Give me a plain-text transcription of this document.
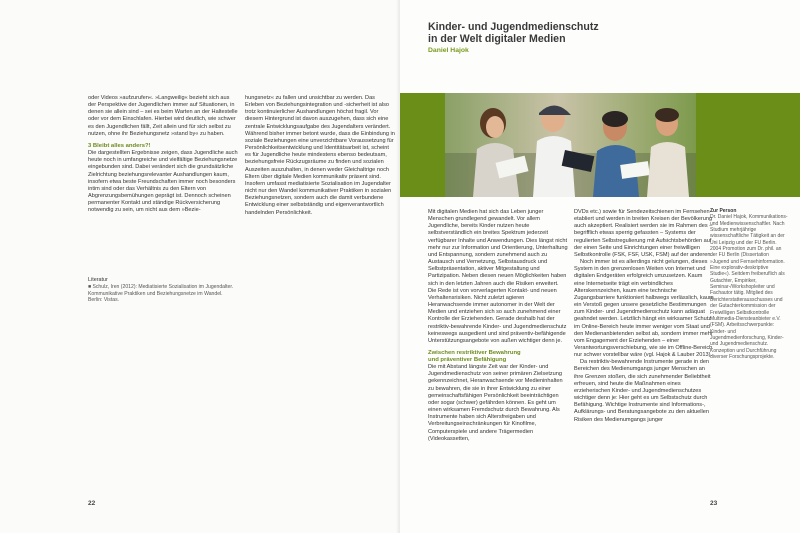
oder Videos »aufzurufen«. »Langweilig« bezieht sich aus der Perspektive der Jugendlichen immer auf Situationen, in denen sie allein sind – sei es beim Warten an der Haltestelle oder vor dem Einschlafen. Hierbei wird deutlich, wie schwer es den Jugendlichen fällt, Zeit allein und für sich selbst zu nutzen, ohne ihr Beziehungsnetz »stand by« zu haben.

3 Bleibt alles anders?!

Die dargestellten Ergebnisse zeigen, dass Jugendliche auch heute noch in umfangreiche und vielfältige Beziehungsnetze eingebunden sind. Dabei verändert sich die grundsätzliche Zielrichtung beziehungsrelevanter Aushandlungen kaum, insofern etwa beste Freundschaften immer noch besonders intim sind oder das Verhältnis zu den Eltern von Abgrenzungsbemühungen geprägt ist. Dennoch scheinen permanenter Kontakt und ständige Rückversicherung notwendig zu sein, um nicht aus dem »Bezie-

Literatur

■ Schulz, Iren (2012): Mediatisierte Sozialisation im Jugendalter. Kommunikative Praktiken und Beziehungsnetze im Wandel. Berlin: Vistas.

hungsnetz« zu fallen und unsichtbar zu werden. Das Erleben von Beziehungsintegration und -sicherheit ist also trotz kontinuierlicher Aushandlungen höchst fragil. Vor diesem Hintergrund ist davon auszugehen, dass sich eine zentrale Entwicklungsaufgabe des Jugendalters verändert. Während bisher immer betont wurde, dass die Einbindung in soziale Beziehungen eine unverzichtbare Voraussetzung für Persönlichkeitsentwicklung und Identitätsarbeit ist, scheint es für Jugendliche heute mindestens ebenso bedeutsam, beziehungsfreie Rückzugsräume zu finden und sozialen Auszeiten auszuhalten, in denen weder Gleichaltrige noch Eltern über digitale Medien kommunikativ präsent sind. Insofern umfasst mediatisierte Sozialisation im Jugendalter nicht nur den Wandel kommunikativer Praktiken in sozialen Beziehungsnetzen, sondern auch die damit verbundene Entwicklung einer selbstständig und eigenverantwortlich handelnden Persönlichkeit.

22
Kinder- und Jugendmedienschutz
in der Welt digitaler Medien
Daniel Hajok

Mit digitalen Medien hat sich das Leben junger Menschen grundlegend gewandelt. Vor allem Jugendliche, bereits Kinder nutzen heute selbstverständlich ein breites Spektrum jederzeit verfügbarer Inhalte und Anwendungen. Dies längst nicht mehr nur zur Information und Orientierung, Unterhaltung und Entspannung, sondern zunehmend auch zu Austausch und Vernetzung, Selbstausdruck und Selbstpräsentation, aktiver Mitgestaltung und Partizipation. Neben diesen neuen Möglichkeiten haben sich in den letzten Jahren auch die Risiken erweitert. Die Rede ist von vorverlagerten Kontakt- und neuen Verhaltensrisiken. Nicht zuletzt agieren Heranwachsende immer autonomer in der Welt der Medien und entziehen sich so auch zunehmend einer Kontrolle der Erziehenden. Gerade deshalb hat der restriktiv-bewahrende Kinder- und Jugendmedienschutz keineswegs ausgedient und sind präventiv-befähigende Unterstützungsangebote von außen wichtiger denn je.

Zwischen restriktiver Bewahrung
und präventiver Befähigung

Die mit Abstand längste Zeit war der Kinder- und Jugendmedienschutz von seiner primären Zielsetzung gekennzeichnet, Heranwachsende vor Medieninhalten zu bewahren, die sie in ihrer Entwicklung zu einer gemeinschaftsfähigen Persönlichkeit beeinträchtigen oder sogar (schwer) gefährden können. Es geht um einen wirksamen Fremdschutz durch Bewahrung. Als Instrumente haben sich Altersfreigaben und Verbreitungseinschränkungen für Kinofilme, Computerspiele und andere Trägermedien (Videokassetten,

DVDs etc.) sowie für Sendezeitschienen im Fernsehen etabliert und werden in breiten Kreisen der Bevölkerung auch akzeptiert. Realisiert werden sie im Rahmen des – begrifflich etwas sperrig gefassten – Systems der regulierten Selbstregulierung mit Aufsichtsbehörden auf der einen Seite und Einrichtungen einer freiwilligen Selbstkontrolle (FSK, FSF, USK, FSM) auf der anderen.

Noch immer ist es allerdings nicht gelungen, dieses System in den grenzenlosen Weiten von Internet und digitalen Endgeräten erfolgreich umzusetzen. Kaum eine Internetseite trägt ein verbindliches Alterskennzeichen, kaum eine technische Zugangsbarriere funktioniert halbwegs verlässlich, kaum ein Verstoß gegen unsere gesetzliche Bestimmungen zum Kinder- und Jugendmedienschutz kann adäquat geahndet werden. Letztlich hängt ein wirksamer Schutz im Online-Bereich heute immer weniger vom Staat und den Medienanbietenden selbst ab, sondern immer mehr vom Engagement der Erziehenden – einer Verantwortungsverschiebung, wie sie im Offline-Bereich nur schwer vorstellbar wäre (vgl. Hajok & Lauber 2013).

Da restriktiv-bewahrende Instrumente gerade in den Bereichen des Medienumgangs junger Menschen an ihre Grenzen stoßen, die sich zunehmender Beliebtheit erfreuen, sind heute die Maßnahmen eines erzieherischen Kinder- und Jugendmedienschutzes wichtiger denn je: Hier geht es um Selbstschutz durch Befähigung. Wichtige Instrumente sind Informations-, Aufklärungs- und Beratungsangebote zu den aktuellen Risiken des Medienumgangs junger

Zur Person
Dr. Daniel Hajok, Kommunikations- und Medienwissenschaftler. Nach Studium mehrjährige wissenschaftliche Tätigkeit an der Uni Leipzig und der FU Berlin. 2004 Promotion zum Dr. phil. an der FU Berlin (Dissertation »Jugend und Fernsehinformation. Eine explorativ-deskriptive Studie«). Seitdem freiberuflich als Gutachter, Empiriker, Seminar-/Workshopleiter und Fachautor tätig. Mitglied des Berichterstatterausschusses und der Gutachterkommission der Freiwilligen Selbstkontrolle Multimedia-Diensteanbieter e.V. (FSM). Arbeitsschwerpunkte: Kinder- und Jugendmedienforschung, Kinder- und Jugendmedienschutz. Konzeption und Durchführung diverser Forschungsprojekte.
23
